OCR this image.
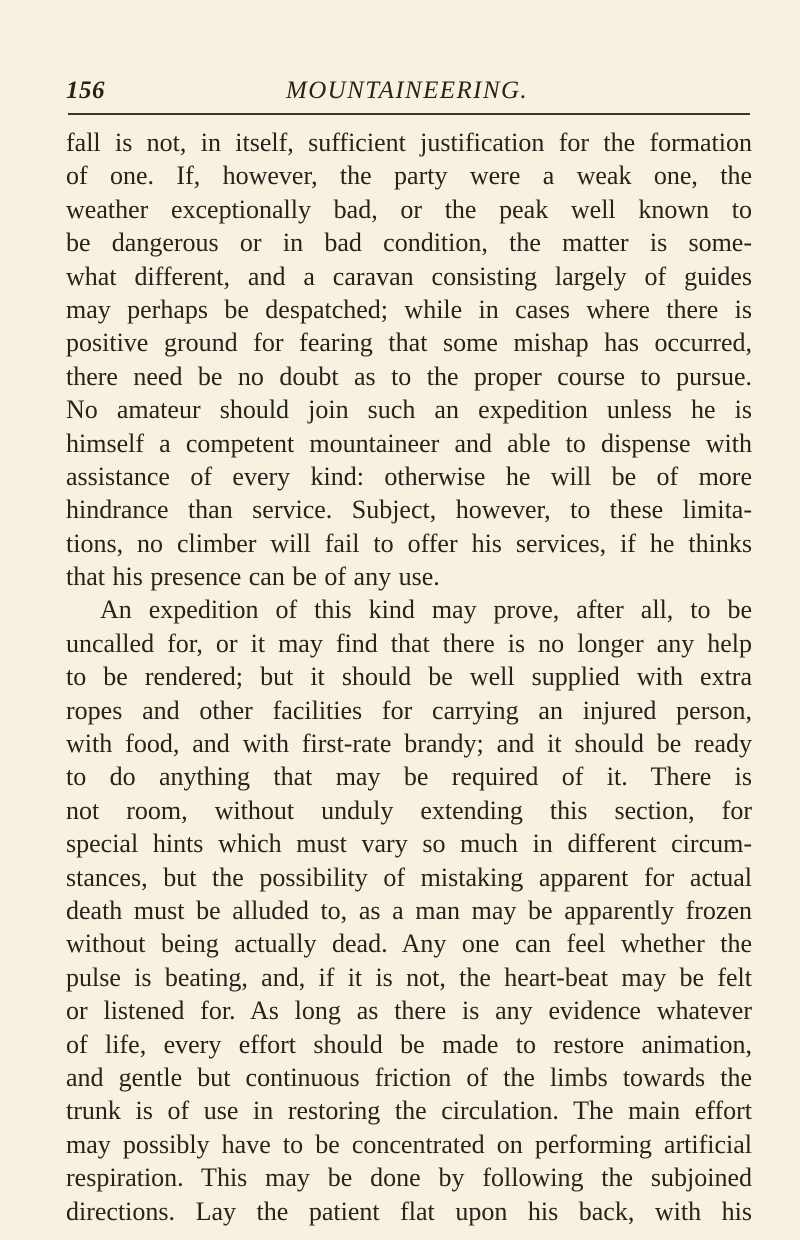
156	MOUNTAINEERING.
fall is not, in itself, sufficient justification for the formation
of one. If, however, the party were a weak one, the
weather exceptionally bad, or the peak well known to
be dangerous or in bad condition, the matter is some-
what different, and a caravan consisting largely of guides
may perhaps be despatched; while in cases where there is
positive ground for fearing that some mishap has occurred,
there need be no doubt as to the proper course to pursue.
No amateur should join such an expedition unless he is
himself a competent mountaineer and able to dispense with
assistance of every kind: otherwise he will be of more
hindrance than service. Subject, however, to these limita-
tions, no climber will fail to offer his services, if he thinks
that his presence can be of any use.
An expedition of this kind may prove, after all, to be
uncalled for, or it may find that there is no longer any help
to be rendered; but it should be well supplied with extra
ropes and other facilities for carrying an injured person,
with food, and with first-rate brandy; and it should be ready
to do anything that may be required of it. There is
not room, without unduly extending this section, for
special hints which must vary so much in different circum-
stances, but the possibility of mistaking apparent for actual
death must be alluded to, as a man may be apparently frozen
without being actually dead. Any one can feel whether the
pulse is beating, and, if it is not, the heart-beat may be felt
or listened for. As long as there is any evidence whatever
of life, every effort should be made to restore animation,
and gentle but continuous friction of the limbs towards the
trunk is of use in restoring the circulation. The main effort
may possibly have to be concentrated on performing artificial
respiration. This may be done by following the subjoined
directions. Lay the patient flat upon his back, with his
